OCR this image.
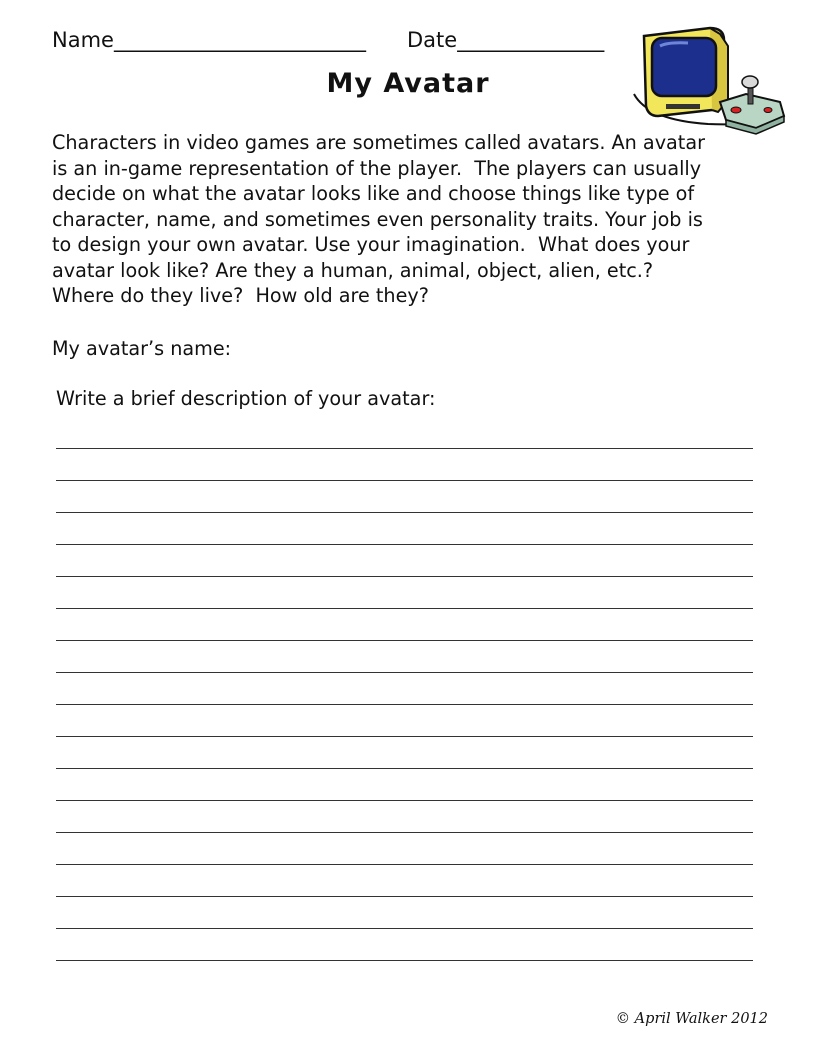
Name________________________ Date______________
My Avatar
Characters in video games are sometimes called avatars. An avatar
is an in-game representation of the player.  The players can usually
decide on what the avatar looks like and choose things like type of
character, name, and sometimes even personality traits. Your job is
to design your own avatar. Use your imagination.  What does your
avatar look like? Are they a human, animal, object, alien, etc.?
Where do they live?  How old are they?
My avatar’s name:
Write a brief description of your avatar:
© April Walker 2012
